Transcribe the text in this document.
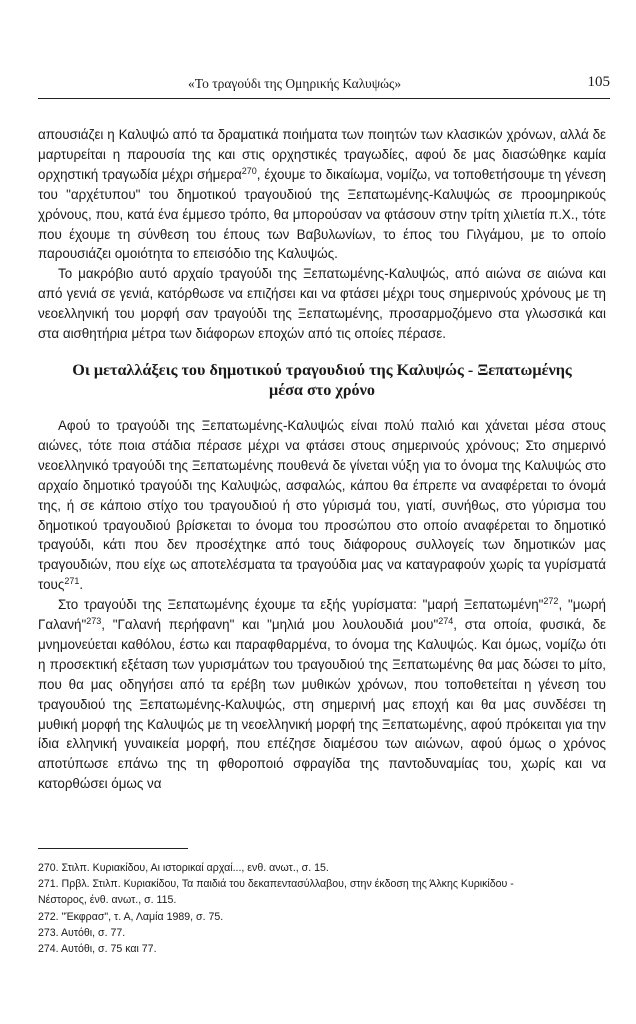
«Το τραγούδι της Ομηρικής Καλυψώς»	105

απουσιάζει η Καλυψώ από τα δραματικά ποιήματα των ποιητών των κλασικών χρόνων, αλλά δε μαρτυρείται η παρουσία της και στις ορχηστικές τραγωδίες, αφού δε μας διασώθηκε καμία ορχηστική τραγωδία μέχρι σήμερα$^{270}$, έχουμε το δικαίωμα, νομίζω, να τοποθετήσουμε τη γένεση του "αρχέτυπου" του δημοτικού τραγουδιού της Ξεπατωμένης-Καλυψώς σε προομηρικούς χρόνους, που, κατά ένα έμμεσο τρόπο, θα μπορούσαν να φτάσουν στην τρίτη χιλιετία π.Χ., τότε που έχουμε τη σύνθεση του έπους των Βαβυλωνίων, το έπος του Γιλγάμου, με το οποίο παρουσιάζει ομοιότητα το επεισόδιο της Καλυψώς.

Το μακρόβιο αυτό αρχαίο τραγούδι της Ξεπατωμένης-Καλυψώς, από αιώνα σε αιώνα και από γενιά σε γενιά, κατόρθωσε να επιζήσει και να φτάσει μέχρι τους σημερινούς χρόνους με τη νεοελληνική του μορφή σαν τραγούδι της Ξεπατωμένης, προσαρμοζόμενο στα γλωσσικά και στα αισθητήρια μέτρα των διάφορων εποχών από τις οποίες πέρασε.

Οι μεταλλάξεις του δημοτικού τραγουδιού της Καλυψώς - Ξεπατωμένης
μέσα στο χρόνο

Αφού το τραγούδι της Ξεπατωμένης-Καλυψώς είναι πολύ παλιό και χάνεται μέσα στους αιώνες, τότε ποια στάδια πέρασε μέχρι να φτάσει στους σημερινούς χρόνους; Στο σημερινό νεοελληνικό τραγούδι της Ξεπατωμένης πουθενά δε γίνεται νύξη για το όνομα της Καλυψώς στο αρχαίο δημοτικό τραγούδι της Καλυψώς, ασφαλώς, κάπου θα έπρεπε να αναφέρεται το όνομά της, ή σε κάποιο στίχο του τραγουδιού ή στο γύρισμά του, γιατί, συνήθως, στο γύρισμα του δημοτικού τραγουδιού βρίσκεται το όνομα του προσώπου στο οποίο αναφέρεται το δημοτικό τραγούδι, κάτι που δεν προσέχτηκε από τους διάφορους συλλογείς των δημοτικών μας τραγουδιών, που είχε ως αποτελέσματα τα τραγούδια μας να καταγραφούν χωρίς τα γυρίσματά τους$^{271}$.

Στο τραγούδι της Ξεπατωμένης έχουμε τα εξής γυρίσματα: "μαρή Ξεπατωμένη"$^{272}$, "μωρή Γαλανή"$^{273}$, "Γαλανή περήφανη" και "μηλιά μου λουλουδιά μου"$^{274}$, στα οποία, φυσικά, δε μνημονεύεται καθόλου, έστω και παραφθαρμένα, το όνομα της Καλυψώς. Και όμως, νομίζω ότι η προσεκτική εξέταση των γυρισμάτων του τραγουδιού της Ξεπατωμένης θα μας δώσει το μίτο, που θα μας οδηγήσει από τα ερέβη των μυθικών χρόνων, που τοποθετείται η γένεση του τραγουδιού της Ξεπατωμένης-Καλυψώς, στη σημερινή μας εποχή και θα μας συνδέσει τη μυθική μορφή της Καλυψώς με τη νεοελληνική μορφή της Ξεπατωμένης, αφού πρόκειται για την ίδια ελληνική γυναικεία μορφή, που επέζησε διαμέσου των αιώνων, αφού όμως ο χρόνος αποτύπωσε επάνω της τη φθοροποιό σφραγίδα της παντοδυναμίας του, χωρίς και να κατορθώσει όμως να

270. Στιλπ. Κυριακίδου, Αι ιστορικαί αρχαί..., ενθ. ανωτ., σ. 15.
271. Πρβλ. Στιλπ. Κυριακίδου, Τα παιδιά του δεκαπεντασύλλαβου, στην έκδοση της Άλκης Κυρικίδου -
Νέστορος, ένθ. ανωτ., σ. 115.
272. "Έκφρασ", τ. Α, Λαμία 1989, σ. 75.
273. Αυτόθι, σ. 77.
274. Αυτόθι, σ. 75 και 77.
